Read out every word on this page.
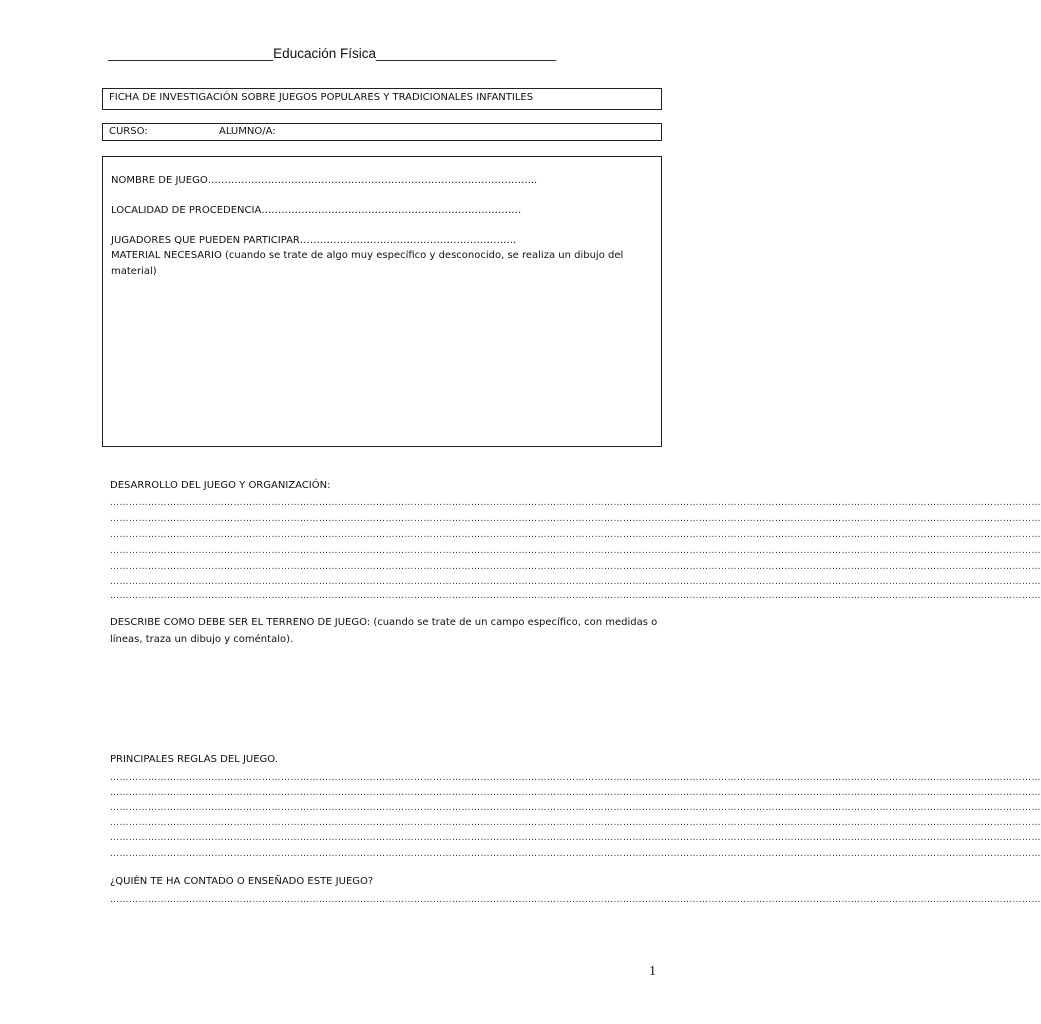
______________________Educación Física________________________
FICHA DE INVESTIGACIÓN SOBRE JUEGOS POPULARES Y TRADICIONALES INFANTILES
CURSO:	ALUMNO/A:
NOMBRE DE JUEGO……………………………………………………………………………………...
LOCALIDAD DE PROCEDENCIA……………………………………………………………………
JUGADORES QUE PUEDEN PARTICIPAR………………………………………………………..
MATERIAL NECESARIO (cuando se trate de algo muy específico y desconocido, se realiza un dibujo del material)
DESARROLLO DEL JUEGO Y ORGANIZACIÓN:
……………………………………………………………………………………………………………………………………………………………………………………………………………………………………………………………………
……………………………………………………………………………………………………………………………………………………………………………………………………………………………………………………………………
……………………………………………………………………………………………………………………………………………………………………………………………………………………………………………………………………
……………………………………………………………………………………………………………………………………………………………………………………………………………………………………………………………………
……………………………………………………………………………………………………………………………………………………………………………………………………………………………………………………………………
……………………………………………………………………………………………………………………………………………………………………………………………………………………………………………………………………
……………………………………………………………………………………………………………………………………………………………………………………………………………………………………………………………………
DESCRIBE COMO DEBE SER EL TERRENO DE JUEGO: (cuando se trate de un campo específico, con medidas o líneas, traza un dibujo y coméntalo).
PRINCIPALES REGLAS DEL JUEGO.
……………………………………………………………………………………………………………………………………………………………………………………………………………………………………………………………………
……………………………………………………………………………………………………………………………………………………………………………………………………………………………………………………………………
……………………………………………………………………………………………………………………………………………………………………………………………………………………………………………………………………
……………………………………………………………………………………………………………………………………………………………………………………………………………………………………………………………………
……………………………………………………………………………………………………………………………………………………………………………………………………………………………………………………………………
……………………………………………………………………………………………………………………………………………………………………………………………………………………………………………………………………
¿QUIÉN TE HA CONTADO O ENSEÑADO ESTE JUEGO?
……………………………………………………………………………………………………………………………………………………………………………………………………………………………………………………………………
1
